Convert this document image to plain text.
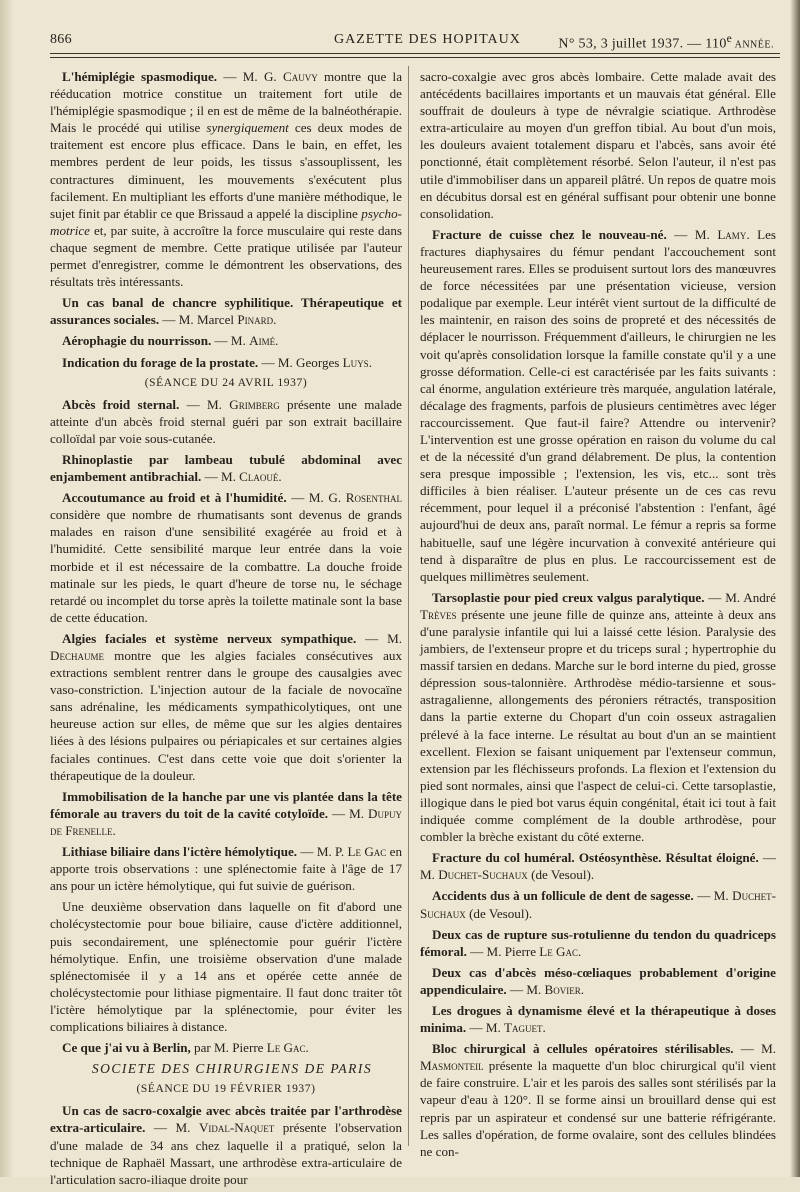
866	GAZETTE DES HOPITAUX	N° 53, 3 juillet 1937. — 110e ANNÉE.

L'hémiplégie spasmodique. — M. G. Cauvy montre que la rééducation motrice constitue un traitement fort utile de l'hémiplégie spasmodique ; il en est de même de la balnéothérapie. Mais le procédé qui utilise synergiquement ces deux modes de traitement est encore plus efficace. Dans le bain, en effet, les membres perdent de leur poids, les tissus s'assouplissent, les contractures diminuent, les mouvements s'exécutent plus facilement. En multipliant les efforts d'une manière méthodique, le sujet finit par établir ce que Brissaud a appelé la discipline psycho-motrice et, par suite, à accroître la force musculaire qui reste dans chaque segment de membre. Cette pratique utilisée par l'auteur permet d'enregistrer, comme le démontrent les observations, des résultats très intéressants.

Un cas banal de chancre syphilitique. Thérapeutique et assurances sociales. — M. Marcel Pinard.

Aérophagie du nourrisson. — M. Aimé.

Indication du forage de la prostate. — M. Georges Luys.

(SÉANCE DU 24 AVRIL 1937)

Abcès froid sternal. — M. Grimberg présente une malade atteinte d'un abcès froid sternal guéri par son extrait bacillaire colloïdal par voie sous-cutanée.

Rhinoplastie par lambeau tubulé abdominal avec enjambement antibrachial. — M. Claoué.

Accoutumance au froid et à l'humidité. — M. G. Rosenthal considère que nombre de rhumatisants sont devenus de grands malades en raison d'une sensibilité exagérée au froid et à l'humidité. Cette sensibilité marque leur entrée dans la voie morbide et il est nécessaire de la combattre. La douche froide matinale sur les pieds, le quart d'heure de torse nu, le séchage retardé ou incomplet du torse après la toilette matinale sont la base de cette éducation.

Algies faciales et système nerveux sympathique. — M. Dechaume montre que les algies faciales consécutives aux extractions semblent rentrer dans le groupe des causalgies avec vaso-constriction. L'injection autour de la faciale de novocaïne sans adrénaline, les médicaments sympathicolytiques, ont une heureuse action sur elles, de même que sur les algies dentaires liées à des lésions pulpaires ou périapicales et sur certaines algies faciales continues. C'est dans cette voie que doit s'orienter la thérapeutique de la douleur.

Immobilisation de la hanche par une vis plantée dans la tête fémorale au travers du toit de la cavité cotyloïde. — M. Dupuy de Frenelle.

Lithiase biliaire dans l'ictère hémolytique. — M. P. Le Gac en apporte trois observations : une splénectomie faite à l'âge de 17 ans pour un ictère hémolytique, qui fut suivie de guérison.

Une deuxième observation dans laquelle on fit d'abord une cholécystectomie pour boue biliaire, cause d'ictère additionnel, puis secondairement, une splénectomie pour guérir l'ictère hémolytique. Enfin, une troisième observation d'une malade splénectomisée il y a 14 ans et opérée cette année de cholécystectomie pour lithiase pigmentaire. Il faut donc traiter tôt l'ictère hémolytique par la splénectomie, pour éviter les complications biliaires à distance.

Ce que j'ai vu à Berlin, par M. Pierre Le Gac.

SOCIETE DES CHIRURGIENS DE PARIS

(SÉANCE DU 19 FÉVRIER 1937)

Un cas de sacro-coxalgie avec abcès traitée par l'arthrodèse extra-articulaire. — M. Vidal-Naquet présente l'observation d'une malade de 34 ans chez laquelle il a pratiqué, selon la technique de Raphaël Massart, une arthrodèse extra-articulaire de l'articulation sacro-iliaque droite pour

sacro-coxalgie avec gros abcès lombaire. Cette malade avait des antécédents bacillaires importants et un mauvais état général. Elle souffrait de douleurs à type de névralgie sciatique. Arthrodèse extra-articulaire au moyen d'un greffon tibial. Au bout d'un mois, les douleurs avaient totalement disparu et l'abcès, sans avoir été ponctionné, était complètement résorbé. Selon l'auteur, il n'est pas utile d'immobiliser dans un appareil plâtré. Un repos de quatre mois en décubitus dorsal est en général suffisant pour obtenir une bonne consolidation.

Fracture de cuisse chez le nouveau-né. — M. Lamy. Les fractures diaphysaires du fémur pendant l'accouchement sont heureusement rares. Elles se produisent surtout lors des manœuvres de force nécessitées par une présentation vicieuse, version podalique par exemple. Leur intérêt vient surtout de la difficulté de les maintenir, en raison des soins de propreté et des nécessités de déplacer le nourrisson. Fréquemment d'ailleurs, le chirurgien ne les voit qu'après consolidation lorsque la famille constate qu'il y a une grosse déformation. Celle-ci est caractérisée par les faits suivants : cal énorme, angulation extérieure très marquée, angulation latérale, décalage des fragments, parfois de plusieurs centimètres avec léger raccourcissement. Que faut-il faire? Attendre ou intervenir? L'intervention est une grosse opération en raison du volume du cal et de la nécessité d'un grand délabrement. De plus, la contention sera presque impossible ; l'extension, les vis, etc... sont très difficiles à bien réaliser. L'auteur présente un de ces cas revu récemment, pour lequel il a préconisé l'abstention : l'enfant, âgé aujourd'hui de deux ans, paraît normal. Le fémur a repris sa forme habituelle, sauf une légère incurvation à convexité antérieure qui tend à disparaître de plus en plus. Le raccourcissement est de quelques millimètres seulement.

Tarsoplastie pour pied creux valgus paralytique. — M. André Trèves présente une jeune fille de quinze ans, atteinte à deux ans d'une paralysie infantile qui lui a laissé cette lésion. Paralysie des jambiers, de l'extenseur propre et du triceps sural ; hypertrophie du massif tarsien en dedans. Marche sur le bord interne du pied, grosse dépression sous-talonnière. Arthrodèse médio-tarsienne et sous-astragalienne, allongements des péroniers rétractés, transposition dans la partie externe du Chopart d'un coin osseux astragalien prélevé à la face interne. Le résultat au bout d'un an se maintient excellent. Flexion se faisant uniquement par l'extenseur commun, extension par les fléchisseurs profonds. La flexion et l'extension du pied sont normales, ainsi que l'aspect de celui-ci. Cette tarsoplastie, illogique dans le pied bot varus équin congénital, était ici tout à fait indiquée comme complément de la double arthrodèse, pour combler la brèche existant du côté externe.

Fracture du col huméral. Ostéosynthèse. Résultat éloigné. — M. Duchet-Suchaux (de Vesoul).

Accidents dus à un follicule de dent de sagesse. — M. Duchet-Suchaux (de Vesoul).

Deux cas de rupture sus-rotulienne du tendon du quadriceps fémoral. — M. Pierre Le Gac.

Deux cas d'abcès méso-cœliaques probablement d'origine appendiculaire. — M. Bovier.

Les drogues à dynamisme élevé et la thérapeutique à doses minima. — M. Taguet.

Bloc chirurgical à cellules opératoires stérilisables. — M. Masmonteil présente la maquette d'un bloc chirurgical qu'il vient de faire construire. L'air et les parois des salles sont stérilisés par la vapeur d'eau à 120°. Il se forme ainsi un brouillard dense qui est repris par un aspirateur et condensé sur une batterie réfrigérante. Les salles d'opération, de forme ovalaire, sont des cellules blindées ne con-
